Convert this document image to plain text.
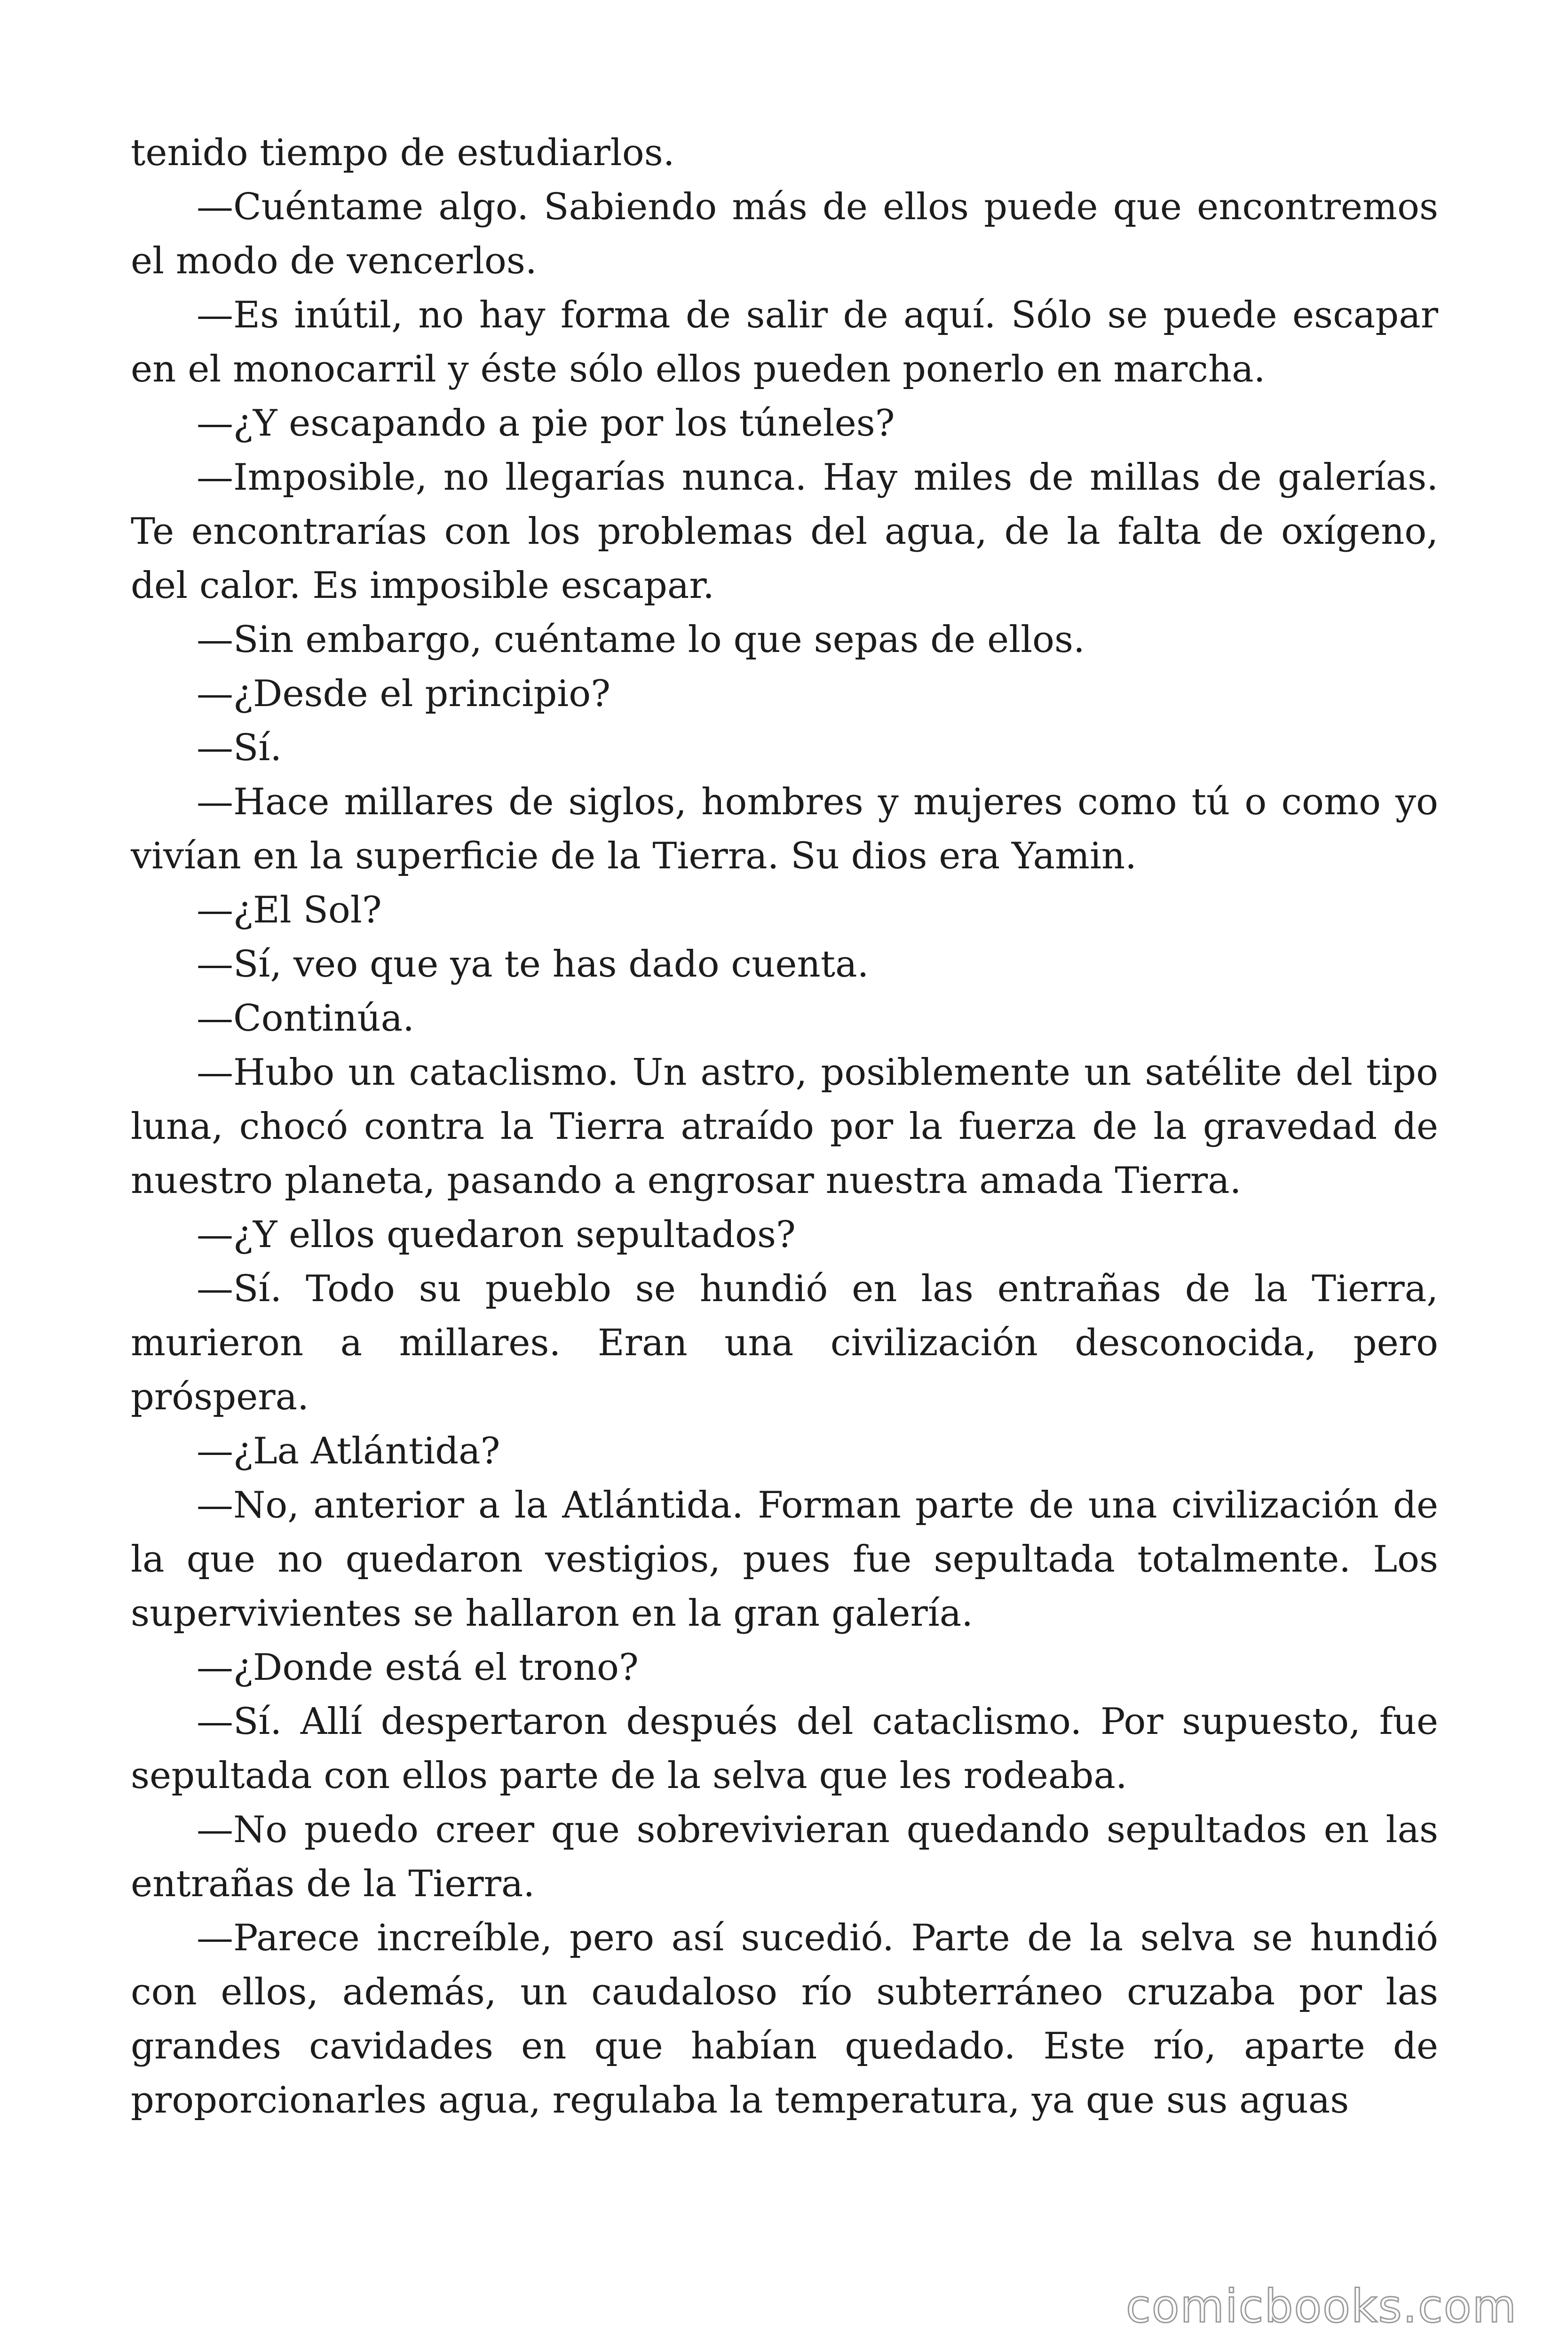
tenido tiempo de estudiarlos.

—Cuéntame algo. Sabiendo más de ellos puede que encontremos el modo de vencerlos.

—Es inútil, no hay forma de salir de aquí. Sólo se puede escapar en el monocarril y éste sólo ellos pueden ponerlo en marcha.

—¿Y escapando a pie por los túneles?

—Imposible, no llegarías nunca. Hay miles de millas de galerías. Te encontrarías con los problemas del agua, de la falta de oxígeno, del calor. Es imposible escapar.

—Sin embargo, cuéntame lo que sepas de ellos.

—¿Desde el principio?

—Sí.

—Hace millares de siglos, hombres y mujeres como tú o como yo vivían en la superficie de la Tierra. Su dios era Yamin.

—¿El Sol?

—Sí, veo que ya te has dado cuenta.

—Continúa.

—Hubo un cataclismo. Un astro, posiblemente un satélite del tipo luna, chocó contra la Tierra atraído por la fuerza de la gravedad de nuestro planeta, pasando a engrosar nuestra amada Tierra.

—¿Y ellos quedaron sepultados?

—Sí. Todo su pueblo se hundió en las entrañas de la Tierra, murieron a millares. Eran una civilización desconocida, pero próspera.

—¿La Atlántida?

—No, anterior a la Atlántida. Forman parte de una civilización de la que no quedaron vestigios, pues fue sepultada totalmente. Los supervivientes se hallaron en la gran galería.

—¿Donde está el trono?

—Sí. Allí despertaron después del cataclismo. Por supuesto, fue sepultada con ellos parte de la selva que les rodeaba.

—No puedo creer que sobrevivieran quedando sepultados en las entrañas de la Tierra.

—Parece increíble, pero así sucedió. Parte de la selva se hundió con ellos, además, un caudaloso río subterráneo cruzaba por las grandes cavidades en que habían quedado. Este río, aparte de proporcionarles agua, regulaba la temperatura, ya que sus aguas

comicbooks.com
